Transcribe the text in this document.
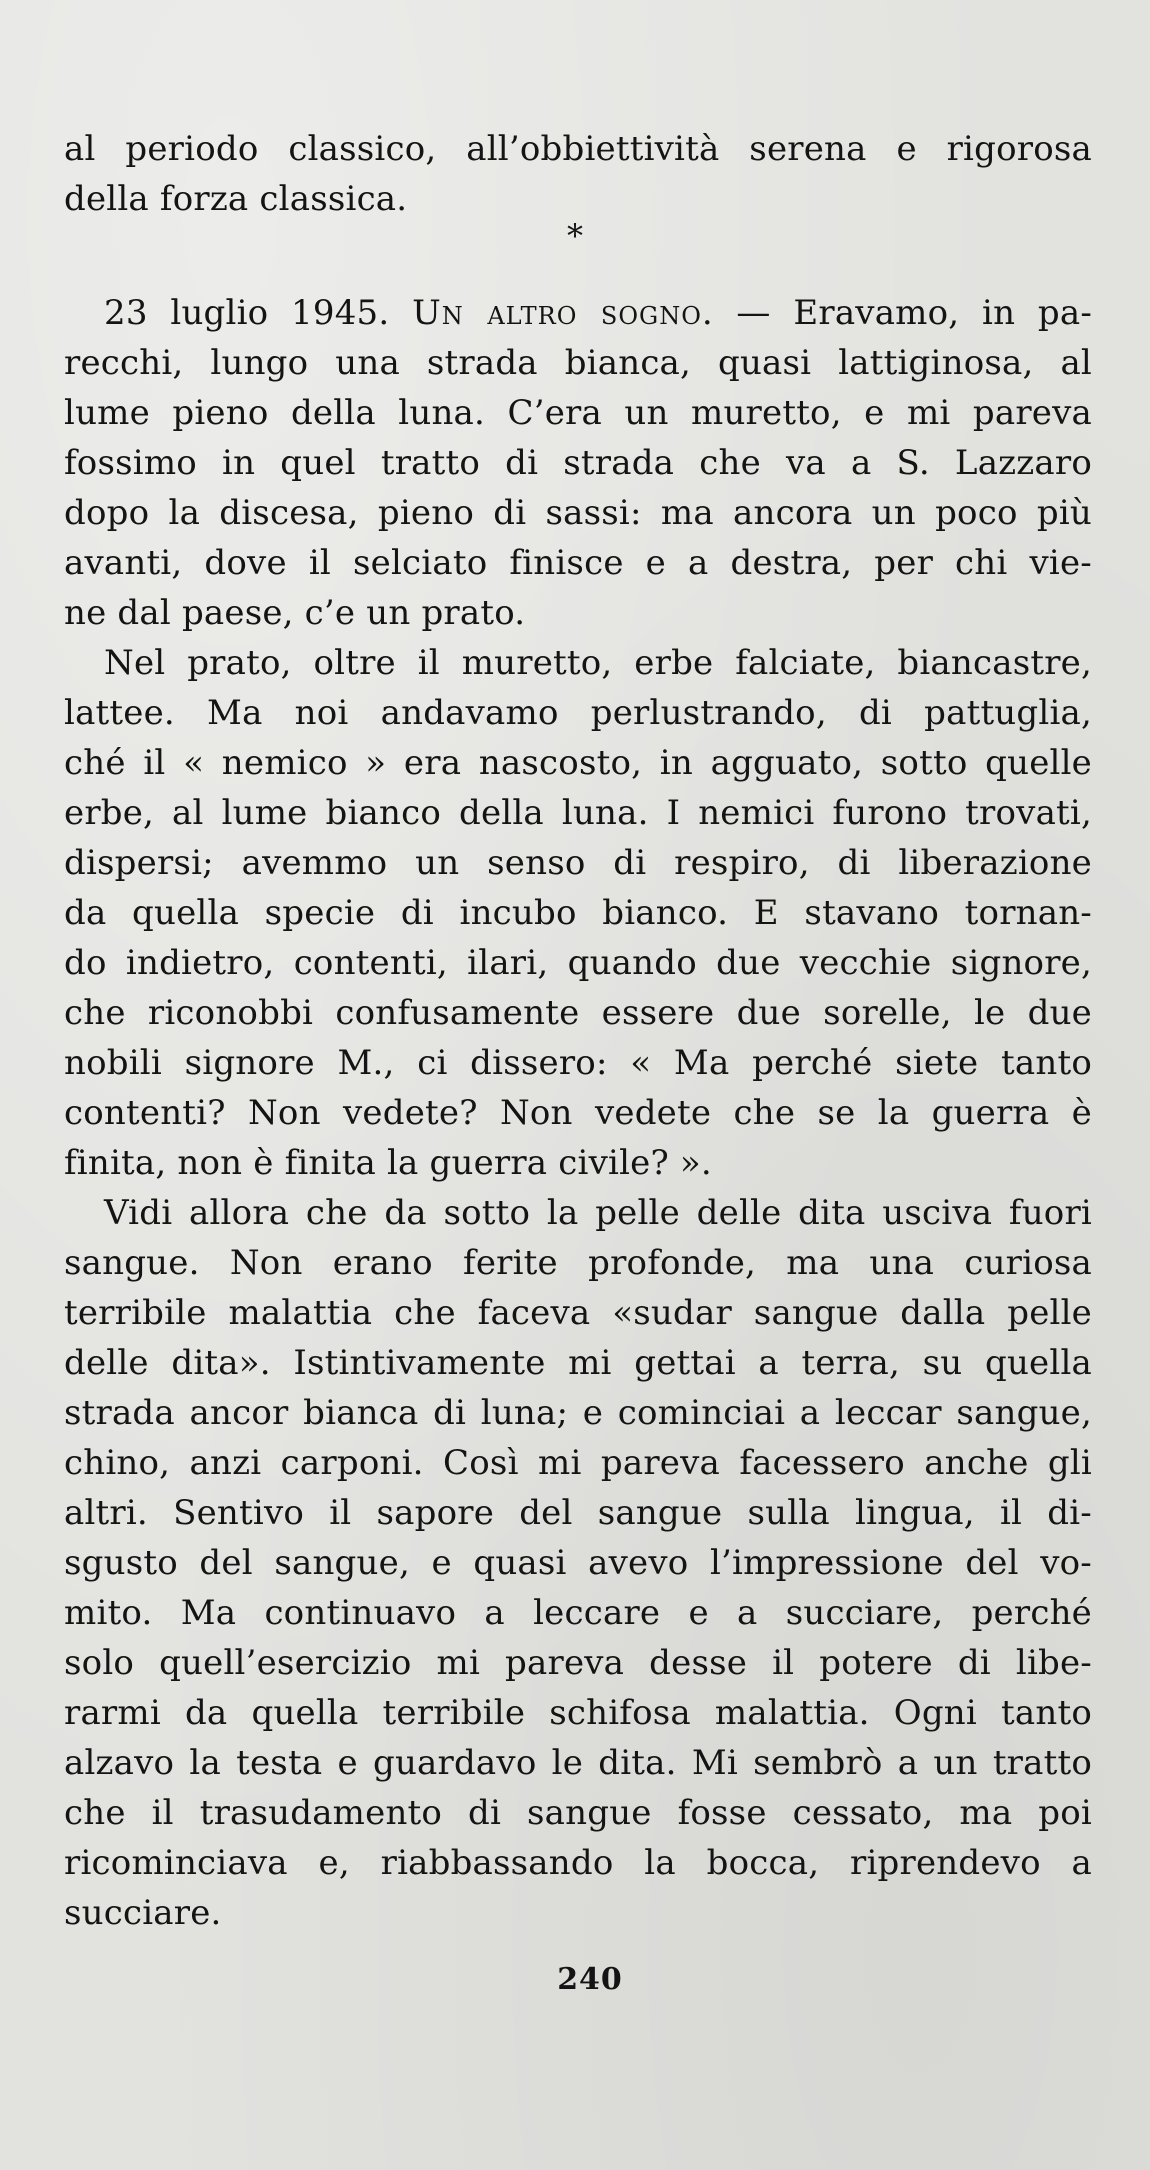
al periodo classico, all’obbiettività serena e rigorosa
della forza classica.
*
23 luglio 1945. Un altro sogno. — Eravamo, in pa-
recchi, lungo una strada bianca, quasi lattiginosa, al
lume pieno della luna. C’era un muretto, e mi pareva
fossimo in quel tratto di strada che va a S. Lazzaro
dopo la discesa, pieno di sassi: ma ancora un poco più
avanti, dove il selciato finisce e a destra, per chi vie-
ne dal paese, c’e un prato.
Nel prato, oltre il muretto, erbe falciate, biancastre,
lattee. Ma noi andavamo perlustrando, di pattuglia,
ché il « nemico » era nascosto, in agguato, sotto quelle
erbe, al lume bianco della luna. I nemici furono trovati,
dispersi; avemmo un senso di respiro, di liberazione
da quella specie di incubo bianco. E stavano tornan-
do indietro, contenti, ilari, quando due vecchie signore,
che riconobbi confusamente essere due sorelle, le due
nobili signore M., ci dissero: « Ma perché siete tanto
contenti? Non vedete? Non vedete che se la guerra è
finita, non è finita la guerra civile? ».
Vidi allora che da sotto la pelle delle dita usciva fuori
sangue. Non erano ferite profonde, ma una curiosa
terribile malattia che faceva «sudar sangue dalla pelle
delle dita». Istintivamente mi gettai a terra, su quella
strada ancor bianca di luna; e cominciai a leccar sangue,
chino, anzi carponi. Così mi pareva facessero anche gli
altri. Sentivo il sapore del sangue sulla lingua, il di-
sgusto del sangue, e quasi avevo l’impressione del vo-
mito. Ma continuavo a leccare e a succiare, perché
solo quell’esercizio mi pareva desse il potere di libe-
rarmi da quella terribile schifosa malattia. Ogni tanto
alzavo la testa e guardavo le dita. Mi sembrò a un tratto
che il trasudamento di sangue fosse cessato, ma poi
ricominciava e, riabbassando la bocca, riprendevo a
succiare.
240
